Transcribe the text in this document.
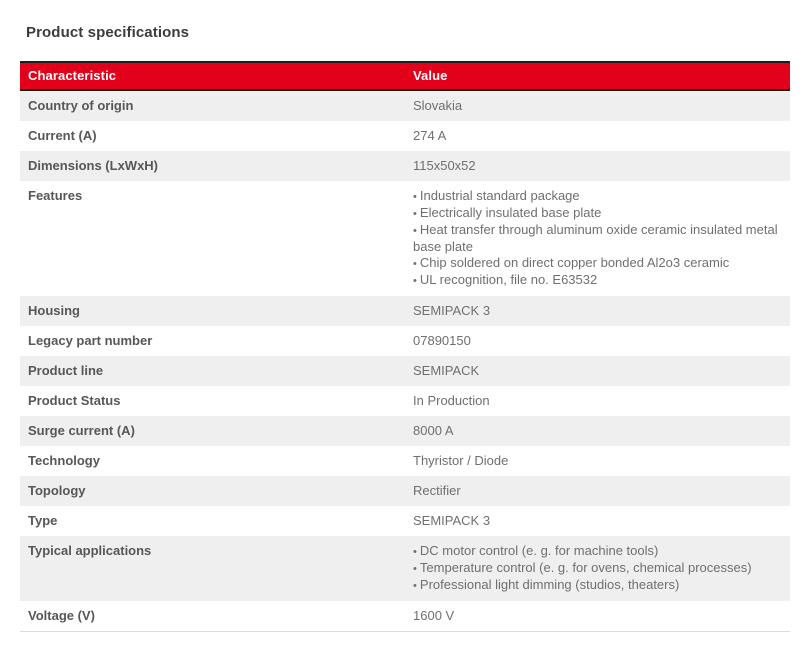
Product specifications
Characteristic	Value
Country of origin	Slovakia
Current (A)	274 A
Dimensions (LxWxH)	115x50x52
Features	• Industrial standard package
• Electrically insulated base plate
• Heat transfer through aluminum oxide ceramic insulated metal base plate
• Chip soldered on direct copper bonded Al2o3 ceramic
• UL recognition, file no. E63532

Housing	SEMIPACK 3
Legacy part number	07890150
Product line	SEMIPACK
Product Status	In Production
Surge current (A)	8000 A
Technology	Thyristor / Diode
Topology	Rectifier
Type	SEMIPACK 3
Typical applications	• DC motor control (e. g. for machine tools)
• Temperature control (e. g. for ovens, chemical processes)
• Professional light dimming (studios, theaters)

Voltage (V)	1600 V
